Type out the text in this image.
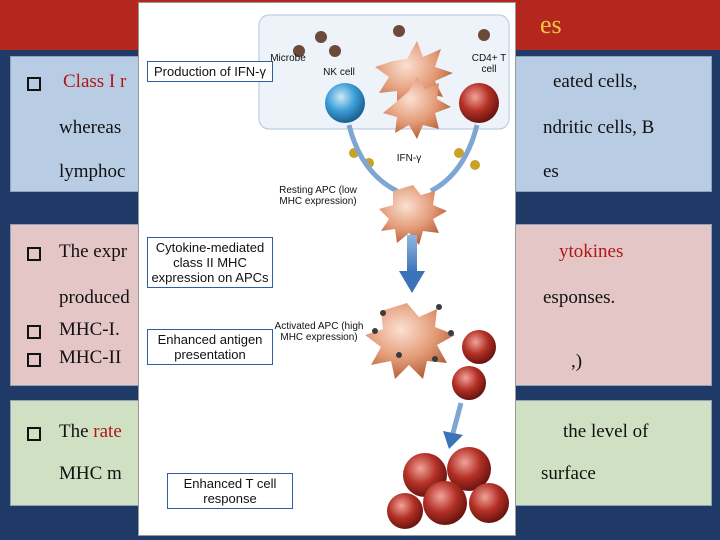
es
Class I r	eated cells,
whereas	ndritic cells, B
lymphoc	es
The expr	ytokines
produced	esponses.
MHC-I.
MHC-II	,)
The rate	the level of
MHC m	surface
Production of IFN-γ
Cytokine-mediated class II MHC expression on APCs
Enhanced antigen presentation
Enhanced T cell response
Microbe
NK cell
CD4+ T cell
IFN-γ
Resting APC (low MHC expression)
Activated APC (high MHC expression)
